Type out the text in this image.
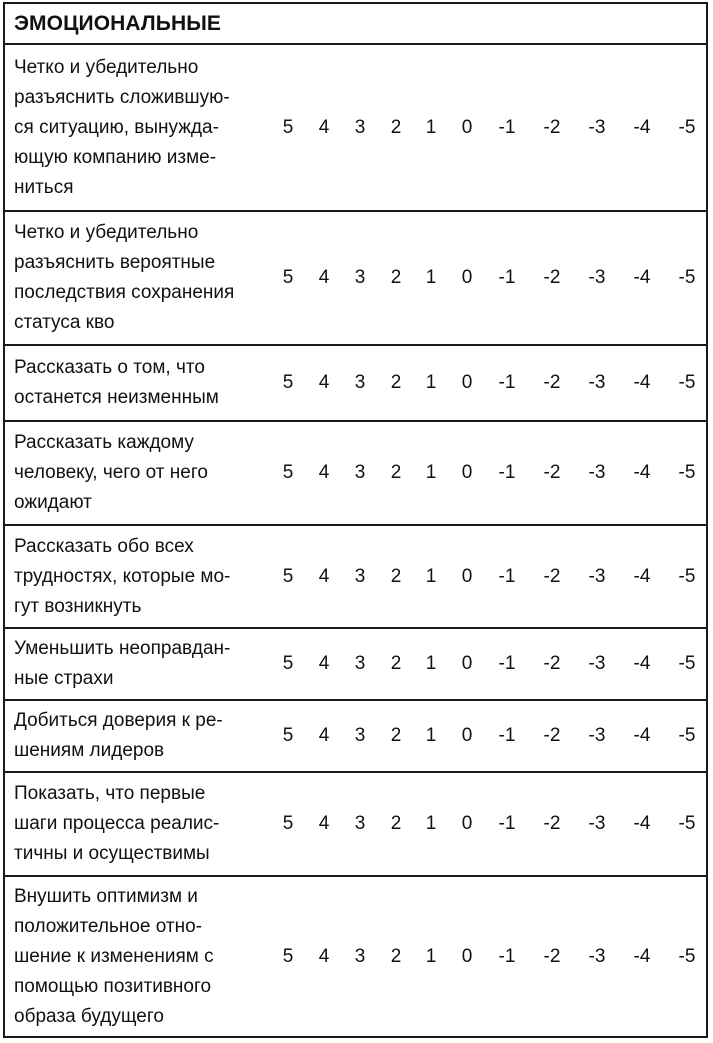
ЭМОЦИОНАЛЬНЫЕ
Четко и убедительно
разъяснить сложившую-
ся ситуацию, вынужда-
ющую компанию изме-
ниться
5	4	3	2	1	0	-1	-2	-3	-4	-5
Четко и убедительно
разъяснить вероятные
последствия сохранения
статуса кво
5	4	3	2	1	0	-1	-2	-3	-4	-5
Рассказать о том, что
останется неизменным
5	4	3	2	1	0	-1	-2	-3	-4	-5
Рассказать каждому
человеку, чего от него
ожидают
5	4	3	2	1	0	-1	-2	-3	-4	-5
Рассказать обо всех
трудностях, которые мо-
гут возникнуть
5	4	3	2	1	0	-1	-2	-3	-4	-5
Уменьшить неоправдан-
ные страхи
5	4	3	2	1	0	-1	-2	-3	-4	-5
Добиться доверия к ре-
шениям лидеров
5	4	3	2	1	0	-1	-2	-3	-4	-5
Показать, что первые
шаги процесса реалис-
тичны и осуществимы
5	4	3	2	1	0	-1	-2	-3	-4	-5
Внушить оптимизм и
положительное отно-
шение к изменениям с
помощью позитивного
образа будущего
5	4	3	2	1	0	-1	-2	-3	-4	-5
